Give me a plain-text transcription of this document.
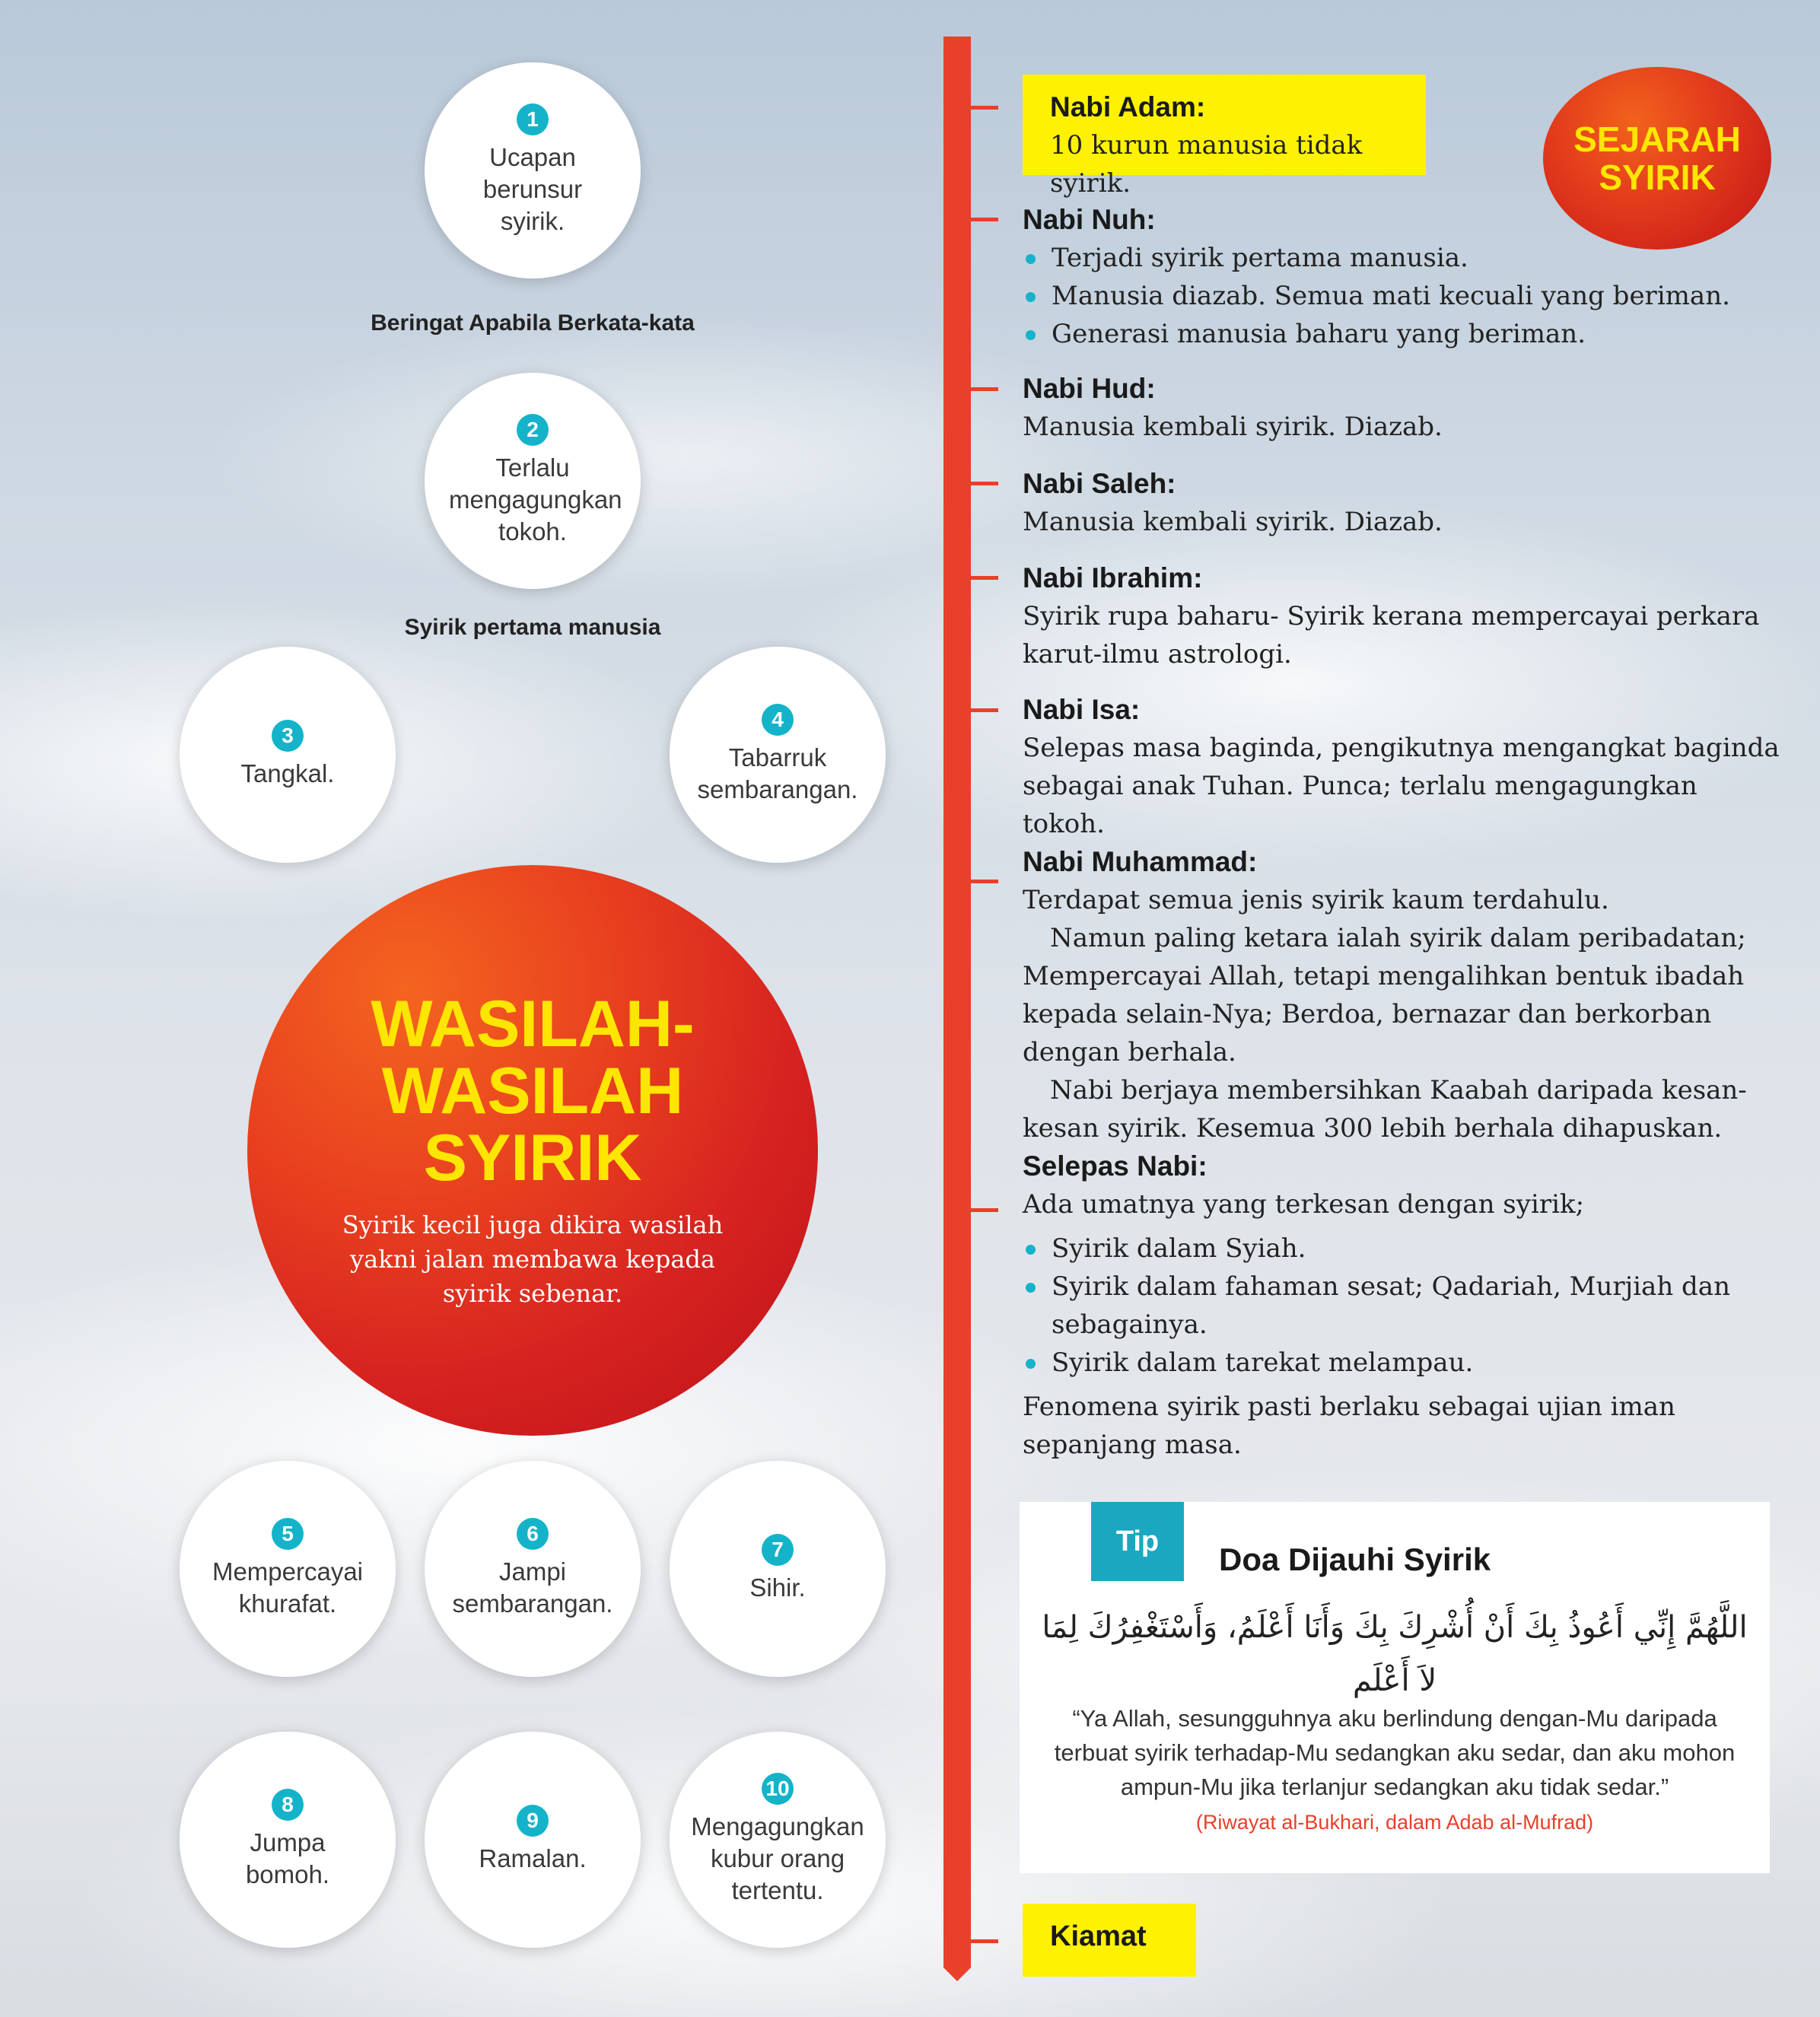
1
Ucapan berunsur syirik.
Beringat Apabila Berkata-kata
2
Terlalu mengagungkan tokoh.
Syirik pertama manusia
3
Tangkal.
4
Tabarruk sembarangan.
WASILAH-
WASILAH
SYIRIK
Syirik kecil juga dikira wasilah yakni jalan membawa kepada syirik sebenar.
5
Mempercayai khurafat.
6
Jampi sembarangan.
7
Sihir.
8
Jumpa bomoh.
9
Ramalan.
10
Mengagungkan kubur orang tertentu.
SEJARAH
SYIRIK
Nabi Adam:
10 kurun manusia tidak syirik.
Nabi Nuh:
Terjadi syirik pertama manusia.
Manusia diazab. Semua mati kecuali yang beriman.
Generasi manusia baharu yang beriman.
Nabi Hud:
Manusia kembali syirik. Diazab.
Nabi Saleh:
Manusia kembali syirik. Diazab.
Nabi Ibrahim:
Syirik rupa baharu- Syirik kerana mempercayai perkara karut-ilmu astrologi.
Nabi Isa:
Selepas masa baginda, pengikutnya mengangkat baginda sebagai anak Tuhan. Punca; terlalu mengagungkan tokoh.
Nabi Muhammad:
Terdapat semua jenis syirik kaum terdahulu.
Namun paling ketara ialah syirik dalam peribadatan; Mempercayai Allah, tetapi mengalihkan bentuk ibadah kepada selain-Nya; Berdoa, bernazar dan berkorban dengan berhala.
Nabi berjaya membersihkan Kaabah daripada kesan-kesan syirik. Kesemua 300 lebih berhala dihapuskan.
Selepas Nabi:
Ada umatnya yang terkesan dengan syirik;
Syirik dalam Syiah.
Syirik dalam fahaman sesat; Qadariah, Murjiah dan sebagainya.
Syirik dalam tarekat melampau.
Fenomena syirik pasti berlaku sebagai ujian iman sepanjang masa.
Tip	Doa Dijauhi Syirik
اللَّهُمَّ إِنِّي أَعُوذُ بِكَ أَنْ أُشْرِكَ بِكَ وَأَنَا أَعْلَمُ، وَأَسْتَغْفِرُكَ لِمَا لاَ أَعْلَم
“Ya Allah, sesungguhnya aku berlindung dengan-Mu daripada terbuat syirik terhadap-Mu sedangkan aku sedar, dan aku mohon ampun-Mu jika terlanjur sedangkan aku tidak sedar.”
(Riwayat al-Bukhari, dalam Adab al-Mufrad)
Kiamat
